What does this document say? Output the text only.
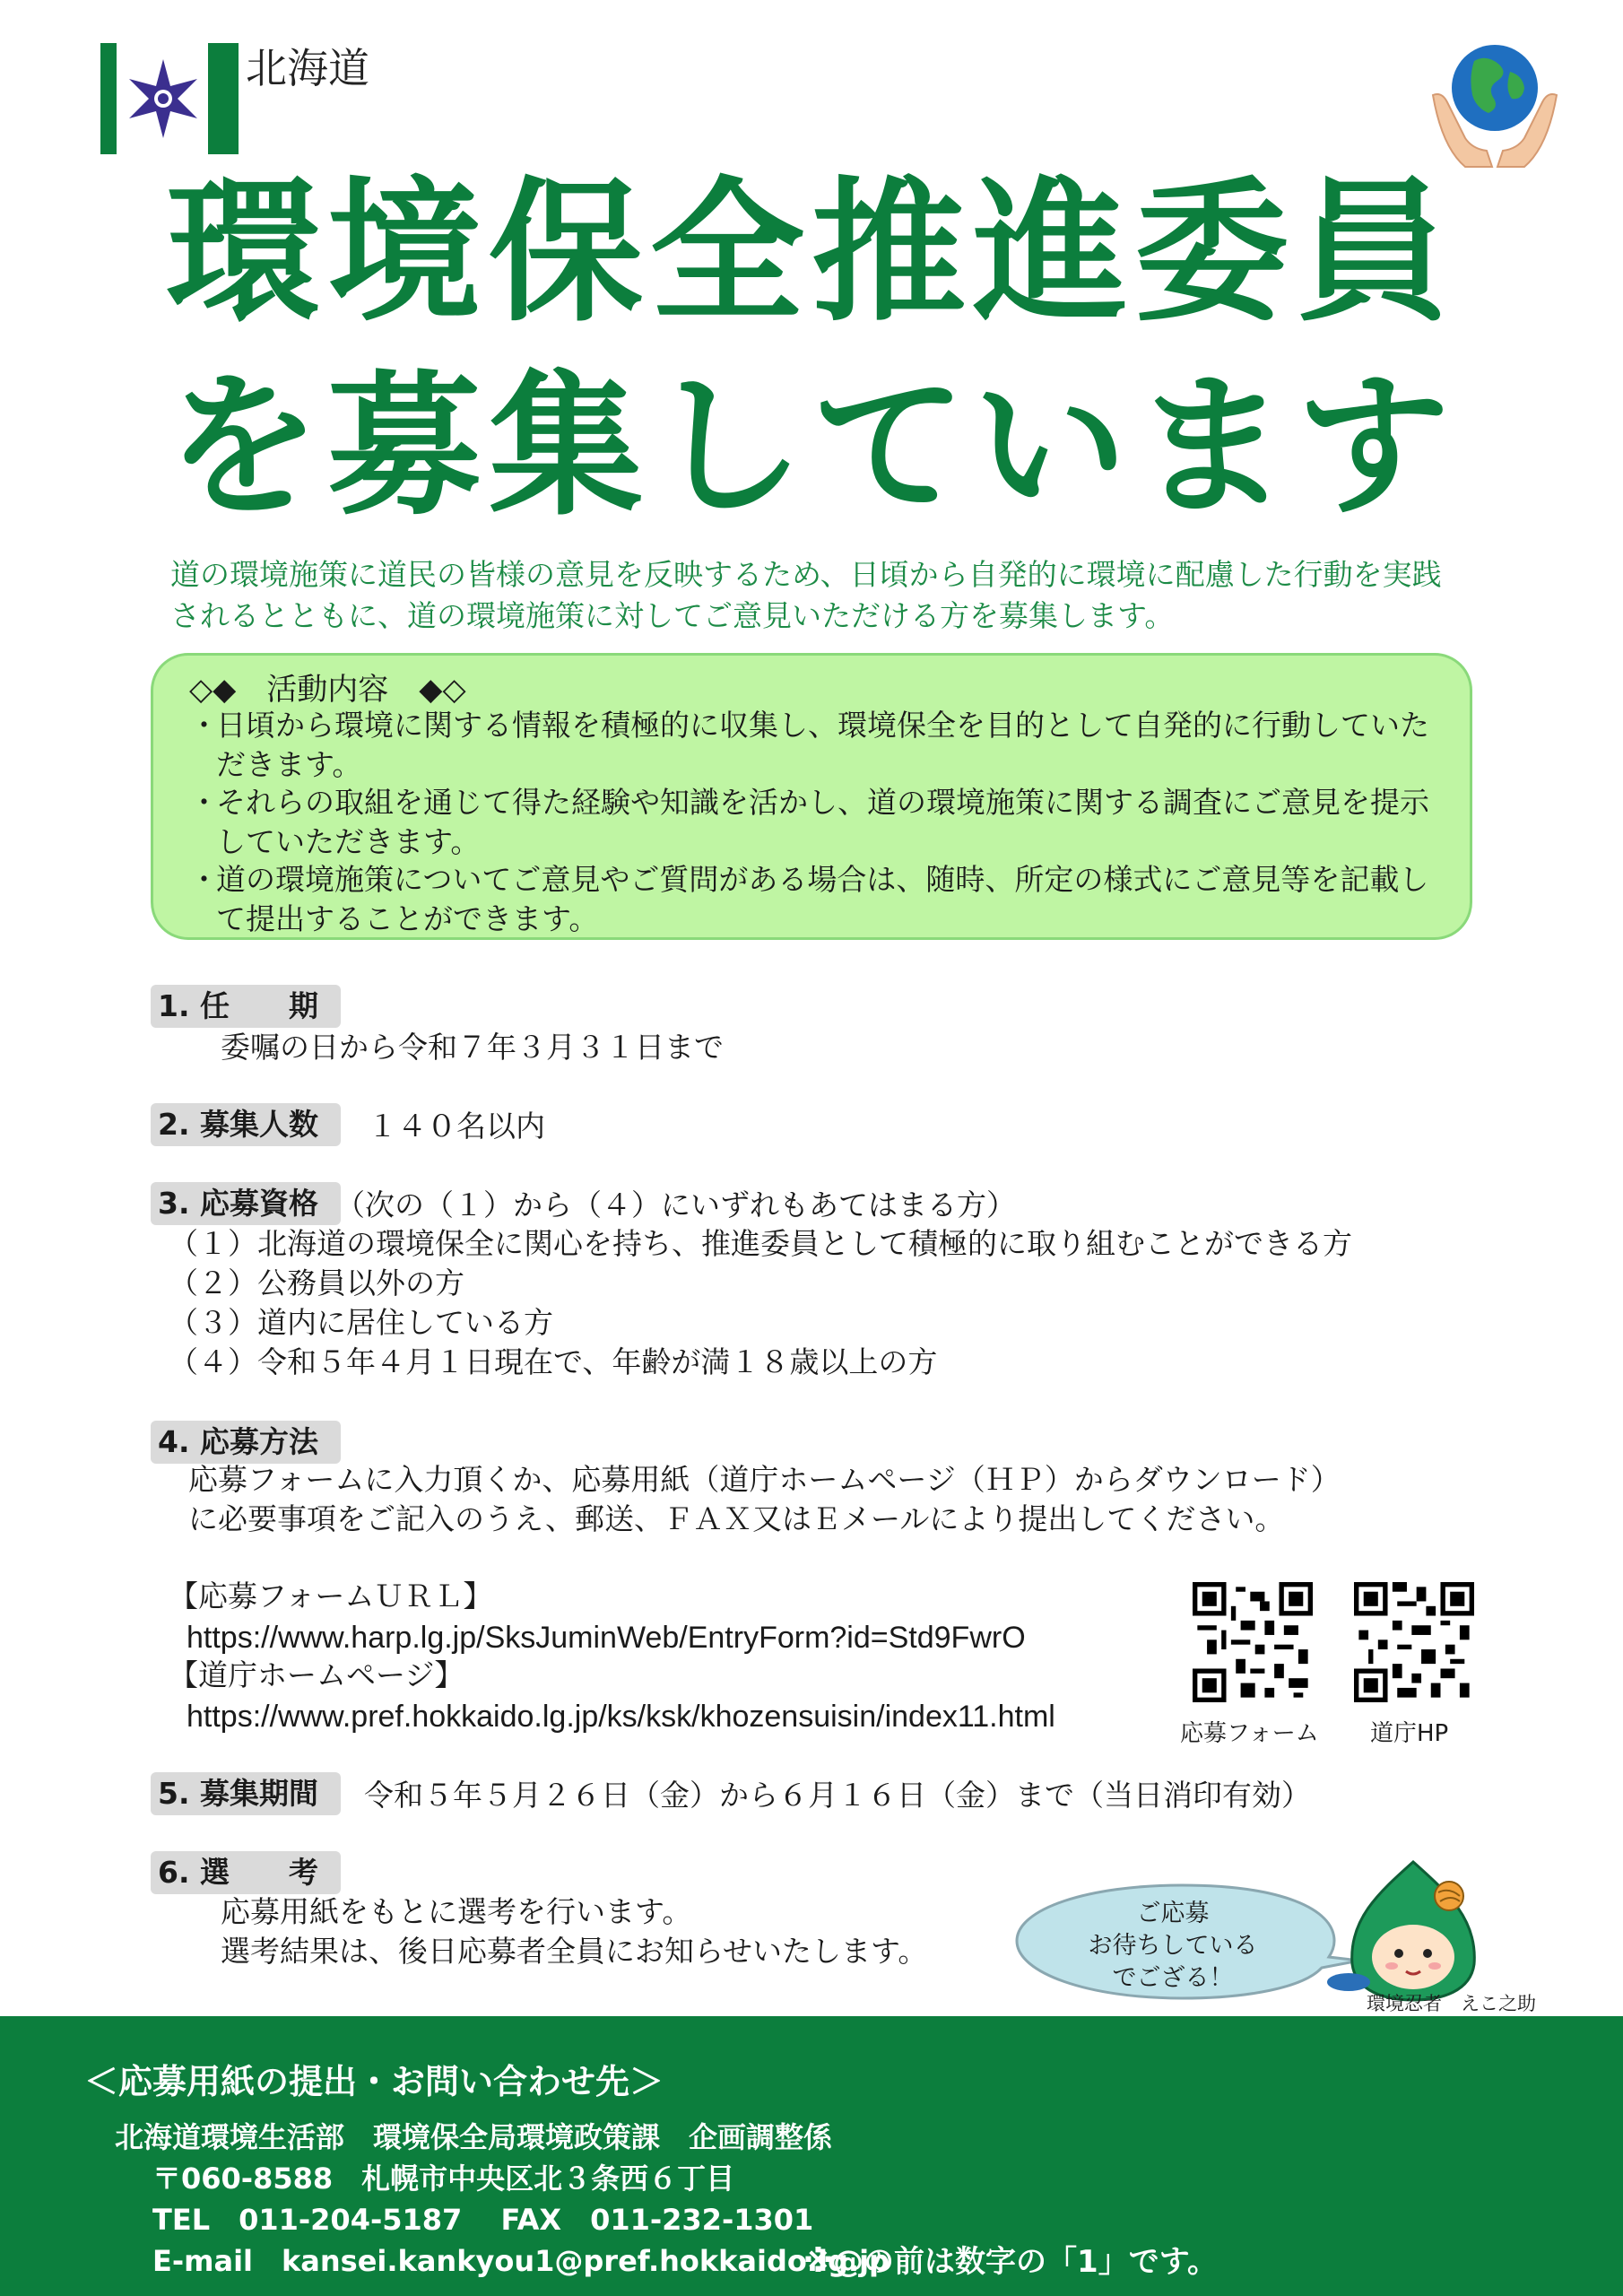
北海道
環境保全推進委員
を募集しています
道の環境施策に道民の皆様の意見を反映するため、日頃から自発的に環境に配慮した行動を実践されるとともに、道の環境施策に対してご意見いただける方を募集します。
◇◆　活動内容　◆◇
・
日頃から環境に関する情報を積極的に収集し、環境保全を目的として自発的に行動していただきます。
・
それらの取組を通じて得た経験や知識を活かし、道の環境施策に関する調査にご意見を提示していただきます。
・
道の環境施策についてご意見やご質問がある場合は、随時、所定の様式にご意見等を記載して提出することができます。
1. 任　　期
委嘱の日から令和７年３月３１日まで
2. 募集人数	１４０名以内
3. 応募資格 （次の（１）から（４）にいずれもあてはまる方）
（１）北海道の環境保全に関心を持ち、推進委員として積極的に取り組むことができる方
（２）公務員以外の方
（３）道内に居住している方
（４）令和５年４月１日現在で、年齢が満１８歳以上の方
4. 応募方法
応募フォームに入力頂くか、応募用紙（道庁ホームページ（ＨＰ）からダウンロード）
に必要事項をご記入のうえ、郵送、ＦＡＸ又はＥメールにより提出してください。
【応募フォームＵＲＬ】
https://www.harp.lg.jp/SksJuminWeb/EntryForm?id=Std9FwrO
【道庁ホームページ】
https://www.pref.hokkaido.lg.jp/ks/ksk/khozensuisin/index11.html	応募フォーム 道庁HP
5. 募集期間	令和５年５月２６日（金）から６月１６日（金）まで（当日消印有効）
6. 選　　考
応募用紙をもとに選考を行います。
選考結果は、後日応募者全員にお知らせいたします。
ご応募
お待ちしている
でござる！
環境忍者　えこ之助
＜応募用紙の提出・お問い合わせ先＞
北海道環境生活部　環境保全局環境政策課　企画調整係
〒060-8588　札幌市中央区北３条西６丁目
TEL　011-204-5187　 FAX　011-232-1301
E-mail　kansei.kankyou1@pref.hokkaido.lg.jp
※@の前は数字の「1」です。
